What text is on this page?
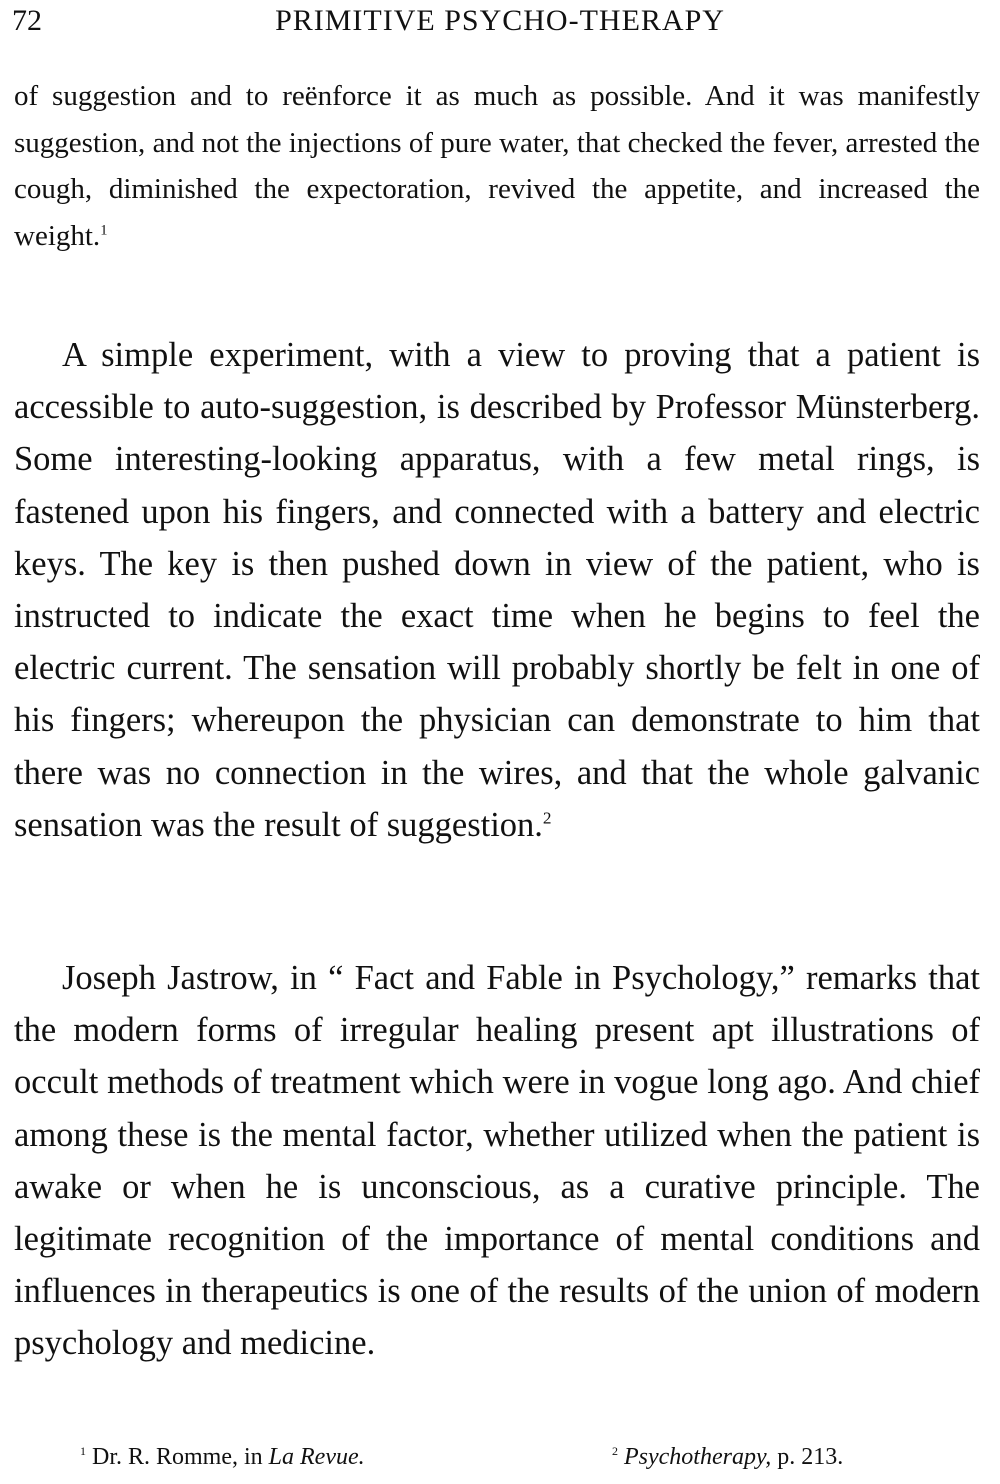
72	PRIMITIVE PSYCHO-THERAPY

of suggestion and to reënforce it as much as possible. And it was manifestly suggestion, and not the injections of pure water, that checked the fever, arrested the cough, diminished the expectoration, revived the appetite, and increased the weight.$^1$

A simple experiment, with a view to proving that a patient is accessible to auto-suggestion, is described by Professor Münsterberg. Some interesting-looking apparatus, with a few metal rings, is fastened upon his fingers, and connected with a battery and electric keys. The key is then pushed down in view of the patient, who is instructed to indicate the exact time when he begins to feel the electric current. The sensation will probably shortly be felt in one of his fingers; whereupon the physician can demonstrate to him that there was no connection in the wires, and that the whole galvanic sensation was the result of suggestion.$^2$

Joseph Jastrow, in “ Fact and Fable in Psychology,” remarks that the modern forms of irregular healing present apt illustrations of occult methods of treatment which were in vogue long ago. And chief among these is the mental factor, whether utilized when the patient is awake or when he is unconscious, as a curative principle. The legitimate recognition of the importance of mental conditions and influences in therapeutics is one of the results of the union of modern psychology and medicine.

$^1$ Dr. R. Romme, in La Revue.	$^2$ Psychotherapy, p. 213.
